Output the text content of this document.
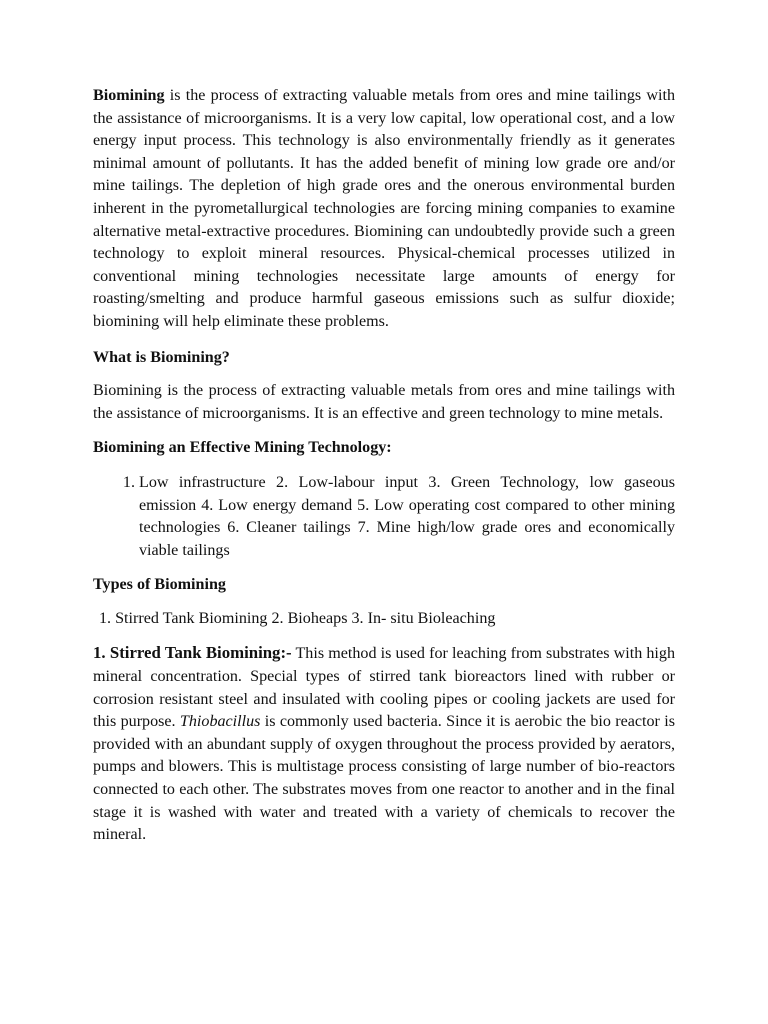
Biomining is the process of extracting valuable metals from ores and mine tailings with the assistance of microorganisms. It is a very low capital, low operational cost, and a low energy input process. This technology is also environmentally friendly as it generates minimal amount of pollutants. It has the added benefit of mining low grade ore and/or mine tailings. The depletion of high grade ores and the onerous environmental burden inherent in the pyrometallurgical technologies are forcing mining companies to examine alternative metal-extractive procedures. Biomining can undoubtedly provide such a green technology to exploit mineral resources. Physical-chemical processes utilized in conventional mining technologies necessitate large amounts of energy for roasting/smelting and produce harmful gaseous emissions such as sulfur dioxide; biomining will help eliminate these problems.

What is Biomining?

Biomining is the process of extracting valuable metals from ores and mine tailings with the assistance of microorganisms. It is an effective and green technology to mine metals.

Biomining an Effective Mining Technology:

1. Low infrastructure 2. Low-labour input 3. Green Technology, low gaseous emission 4. Low energy demand 5. Low operating cost compared to other mining technologies 6. Cleaner tailings 7. Mine high/low grade ores and economically viable tailings

Types of Biomining

1. Stirred Tank Biomining 2. Bioheaps 3. In- situ Bioleaching

1. Stirred Tank Biomining:- This method is used for leaching from substrates with high mineral concentration. Special types of stirred tank bioreactors lined with rubber or corrosion resistant steel and insulated with cooling pipes or cooling jackets are used for this purpose. Thiobacillus is commonly used bacteria. Since it is aerobic the bio reactor is provided with an abundant supply of oxygen throughout the process provided by aerators, pumps and blowers. This is multistage process consisting of large number of bio-reactors connected to each other. The substrates moves from one reactor to another and in the final stage it is washed with water and treated with a variety of chemicals to recover the mineral.
